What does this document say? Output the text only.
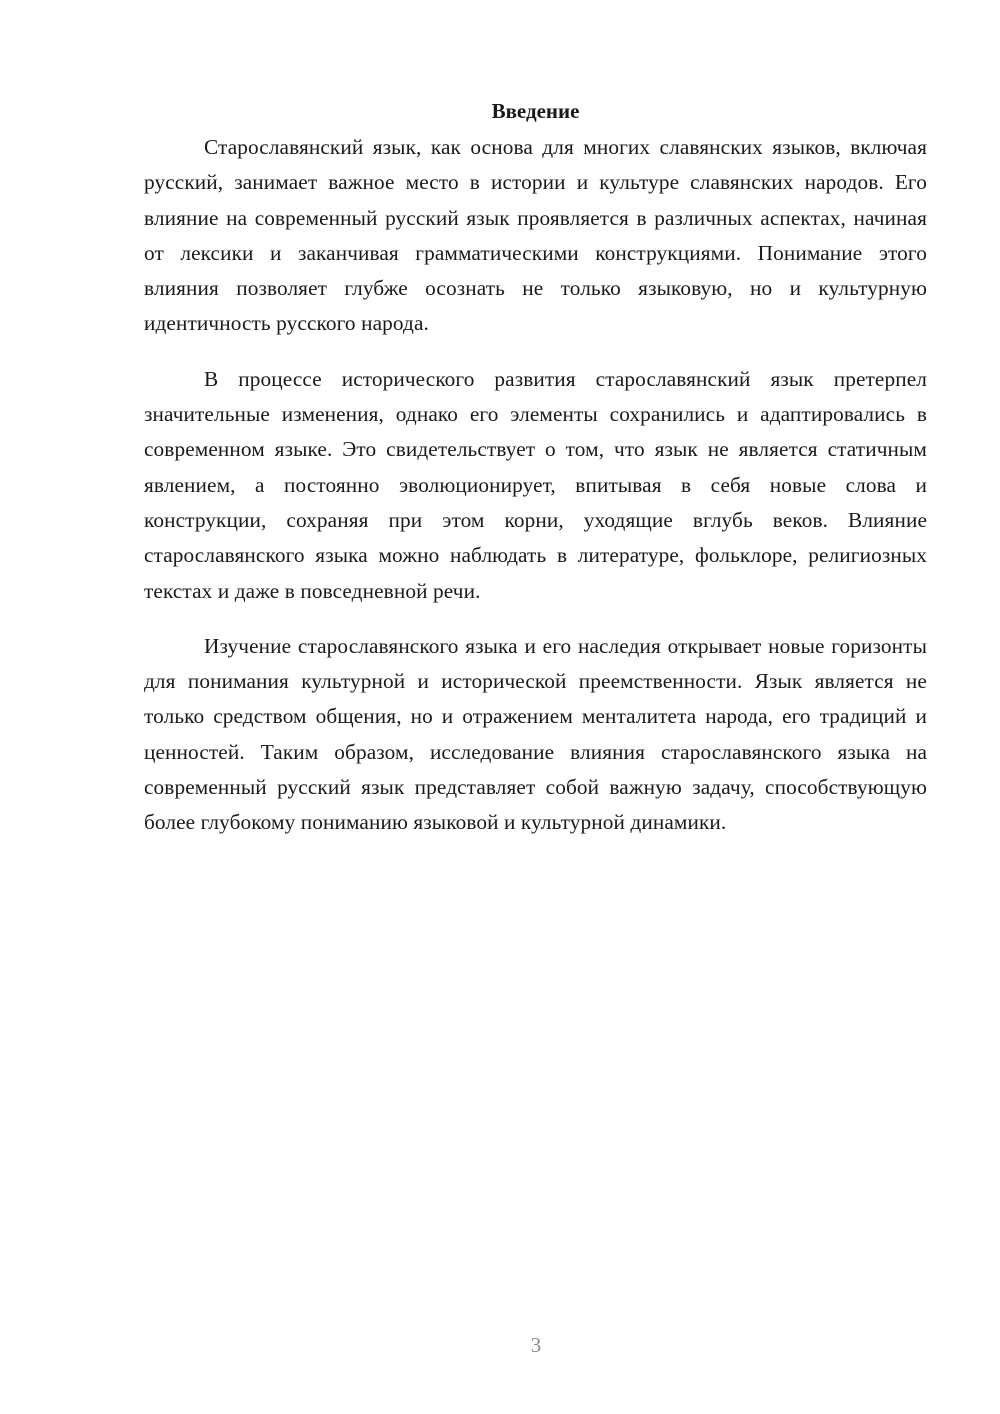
Введение

Старославянский язык, как основа для многих славянских языков, включая русский, занимает важное место в истории и культуре славянских народов. Его влияние на современный русский язык проявляется в различных аспектах, начиная от лексики и заканчивая грамматическими конструкциями. Понимание этого влияния позволяет глубже осознать не только языковую, но и культурную идентичность русского народа.

В процессе исторического развития старославянский язык претерпел значительные изменения, однако его элементы сохранились и адаптировались в современном языке. Это свидетельствует о том, что язык не является статичным явлением, а постоянно эволюционирует, впитывая в себя новые слова и конструкции, сохраняя при этом корни, уходящие вглубь веков. Влияние старославянского языка можно наблюдать в литературе, фольклоре, религиозных текстах и даже в повседневной речи.

Изучение старославянского языка и его наследия открывает новые горизонты для понимания культурной и исторической преемственности. Язык является не только средством общения, но и отражением менталитета народа, его традиций и ценностей. Таким образом, исследование влияния старославянского языка на современный русский язык представляет собой важную задачу, способствующую более глубокому пониманию языковой и культурной динамики.

3
